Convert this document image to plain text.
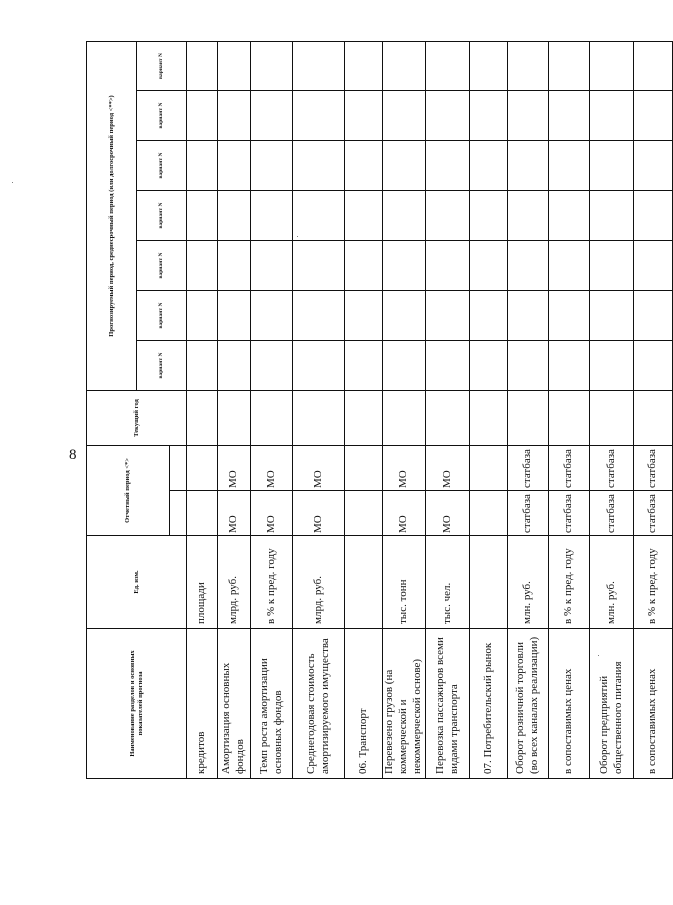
8
Наименование разделов и основных показателей прогноза	Ед. изм.	Отчетный период <*>		Текущий год	Прогнозируемый период, среднесрочный период (или долгосрочный период <**>)						
					вариант N	вариант N	вариант N	вариант N	вариант N	вариант N	вариант N

кредитов	площади										
Амортизация основных фондов	млрд. руб.	МО	МО								
Темп роста амортизации основных фондов	в % к пред. году	МО	МО								
Среднегодовая стоимость амортизируемого имущества	млрд. руб.	МО	МО								
06. Транспорт											
Перевезено грузов (на коммерческой и некоммерческой основе)	тыс. тонн	МО	МО								
Перевозка пассажиров всеми видами транспорта	тыс. чел.	МО	МО								
07. Потребительский рынок											
Оборот розничной торговли (во всех каналах реализации)	млн. руб.	статбаза	статбаза								
в сопоставимых ценах	в % к пред. году	статбаза	статбаза								
Оборот предприятий общественного питания	млн. руб.	статбаза	статбаза								
в сопоставимых ценах	в % к пред. году	статбаза	статбаза								
